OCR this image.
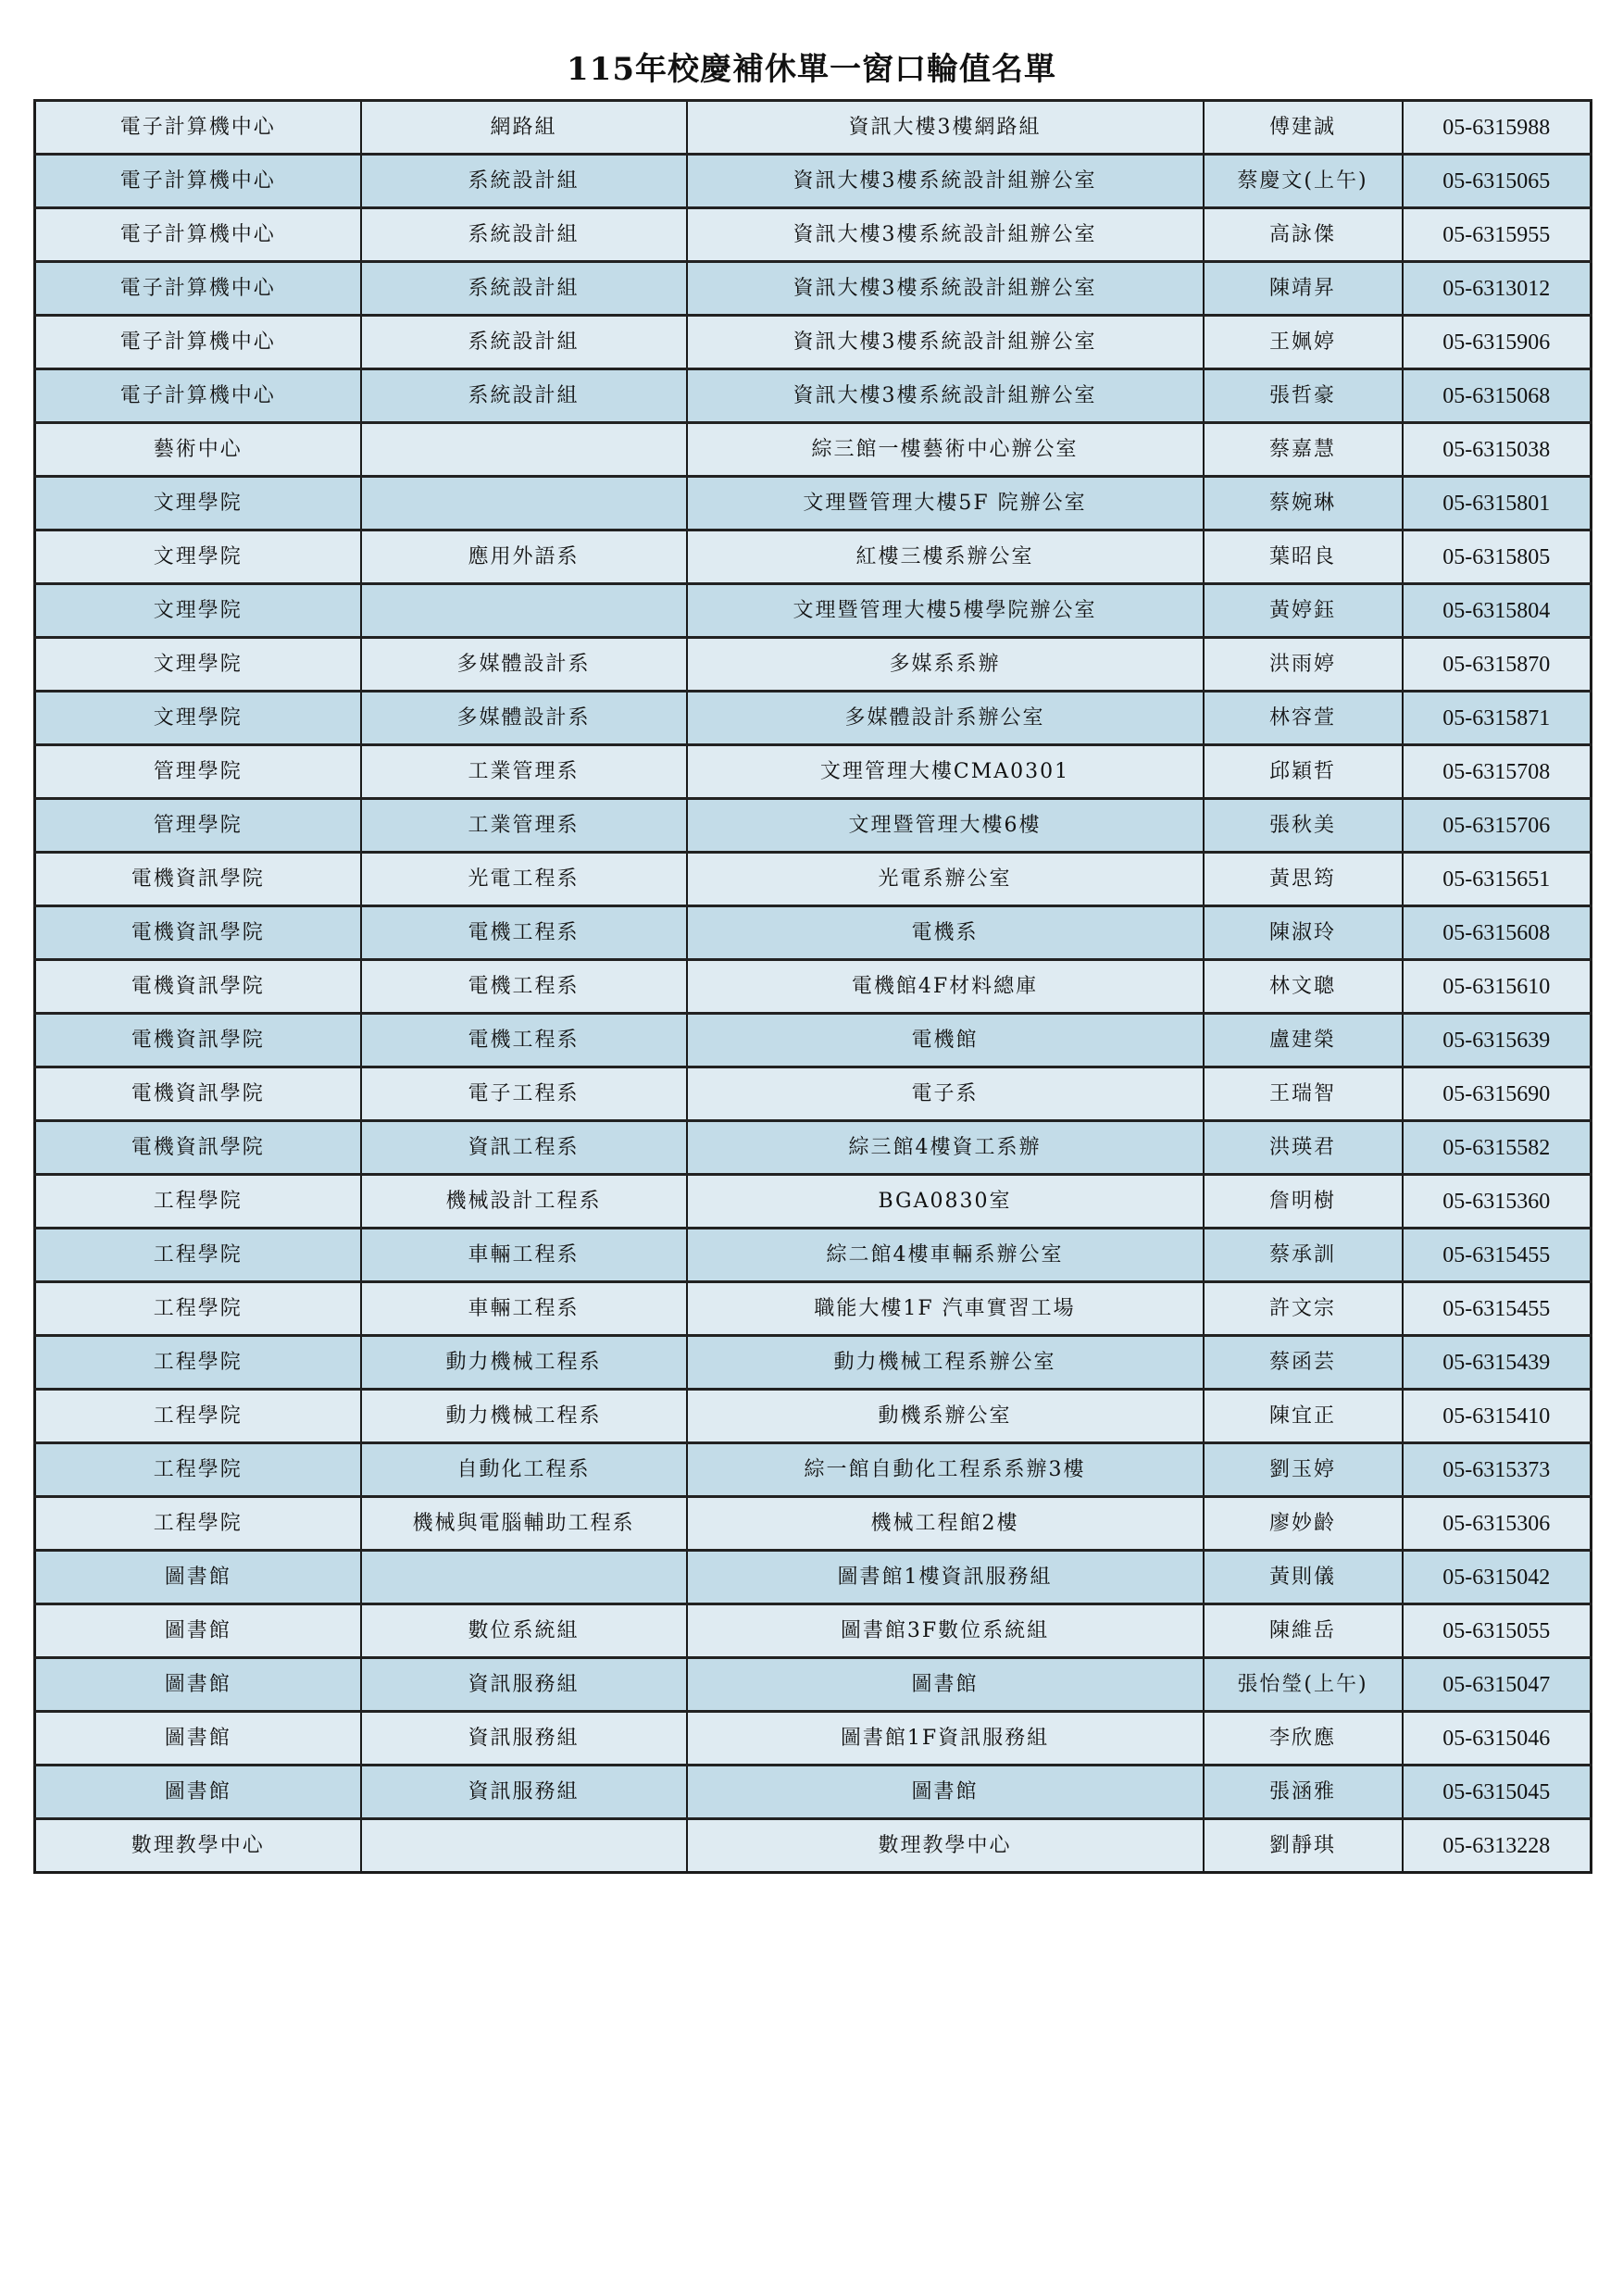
115年校慶補休單一窗口輪值名單
電子計算機中心	網路組	資訊大樓3樓網路組	傅建誠	05-6315988
電子計算機中心	系統設計組	資訊大樓3樓系統設計組辦公室	蔡慶文(上午)	05-6315065
電子計算機中心	系統設計組	資訊大樓3樓系統設計組辦公室	高詠傑	05-6315955
電子計算機中心	系統設計組	資訊大樓3樓系統設計組辦公室	陳靖昇	05-6313012
電子計算機中心	系統設計組	資訊大樓3樓系統設計組辦公室	王姵婷	05-6315906
電子計算機中心	系統設計組	資訊大樓3樓系統設計組辦公室	張哲豪	05-6315068
藝術中心		綜三館一樓藝術中心辦公室	蔡嘉慧	05-6315038
文理學院		文理暨管理大樓5F 院辦公室	蔡婉琳	05-6315801
文理學院	應用外語系	紅樓三樓系辦公室	葉昭良	05-6315805
文理學院		文理暨管理大樓5樓學院辦公室	黃婷鈺	05-6315804
文理學院	多媒體設計系	多媒系系辦	洪雨婷	05-6315870
文理學院	多媒體設計系	多媒體設計系辦公室	林容萱	05-6315871
管理學院	工業管理系	文理管理大樓CMA0301	邱穎哲	05-6315708
管理學院	工業管理系	文理暨管理大樓6樓	張秋美	05-6315706
電機資訊學院	光電工程系	光電系辦公室	黃思筠	05-6315651
電機資訊學院	電機工程系	電機系	陳淑玲	05-6315608
電機資訊學院	電機工程系	電機館4F材料總庫	林文聰	05-6315610
電機資訊學院	電機工程系	電機館	盧建榮	05-6315639
電機資訊學院	電子工程系	電子系	王瑞智	05-6315690
電機資訊學院	資訊工程系	綜三館4樓資工系辦	洪瑛君	05-6315582
工程學院	機械設計工程系	BGA0830室	詹明樹	05-6315360
工程學院	車輛工程系	綜二館4樓車輛系辦公室	蔡承訓	05-6315455
工程學院	車輛工程系	職能大樓1F 汽車實習工場	許文宗	05-6315455
工程學院	動力機械工程系	動力機械工程系辦公室	蔡函芸	05-6315439
工程學院	動力機械工程系	動機系辦公室	陳宜正	05-6315410
工程學院	自動化工程系	綜一館自動化工程系系辦3樓	劉玉婷	05-6315373
工程學院	機械與電腦輔助工程系	機械工程館2樓	廖妙齡	05-6315306
圖書館		圖書館1樓資訊服務組	黃則儀	05-6315042
圖書館	數位系統組	圖書館3F數位系統組	陳維岳	05-6315055
圖書館	資訊服務組	圖書館	張怡瑩(上午)	05-6315047
圖書館	資訊服務組	圖書館1F資訊服務組	李欣應	05-6315046
圖書館	資訊服務組	圖書館	張涵雅	05-6315045
數理教學中心		數理教學中心	劉靜琪	05-6313228
